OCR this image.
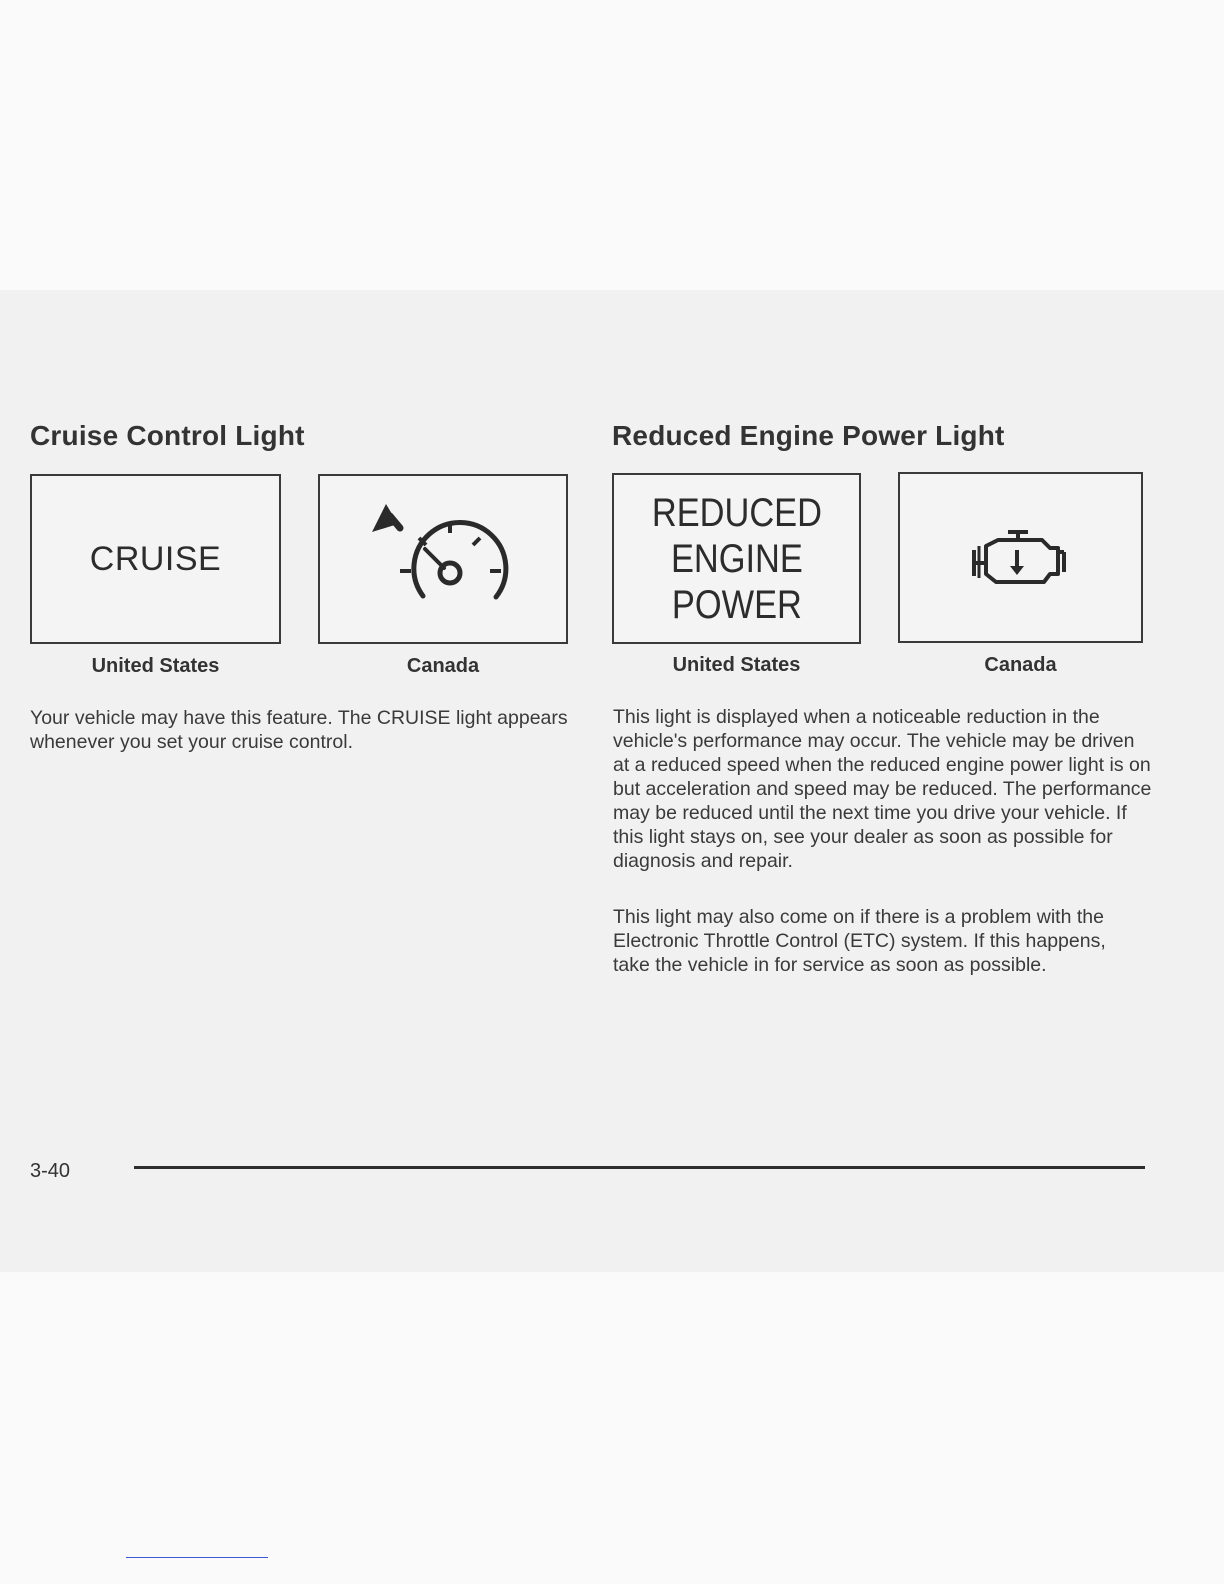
Cruise Control Light
CRUISE
United States	Canada

Your vehicle may have this feature. The CRUISE light appears whenever you set your cruise control.

Reduced Engine Power Light
REDUCED
ENGINE
POWER
United States	Canada

This light is displayed when a noticeable reduction in the vehicle's performance may occur. The vehicle may be driven at a reduced speed when the reduced engine power light is on but acceleration and speed may be reduced. The performance may be reduced until the next time you drive your vehicle. If this light stays on, see your dealer as soon as possible for diagnosis and repair.

This light may also come on if there is a problem with the Electronic Throttle Control (ETC) system. If this happens, take the vehicle in for service as soon as possible.

3-40
